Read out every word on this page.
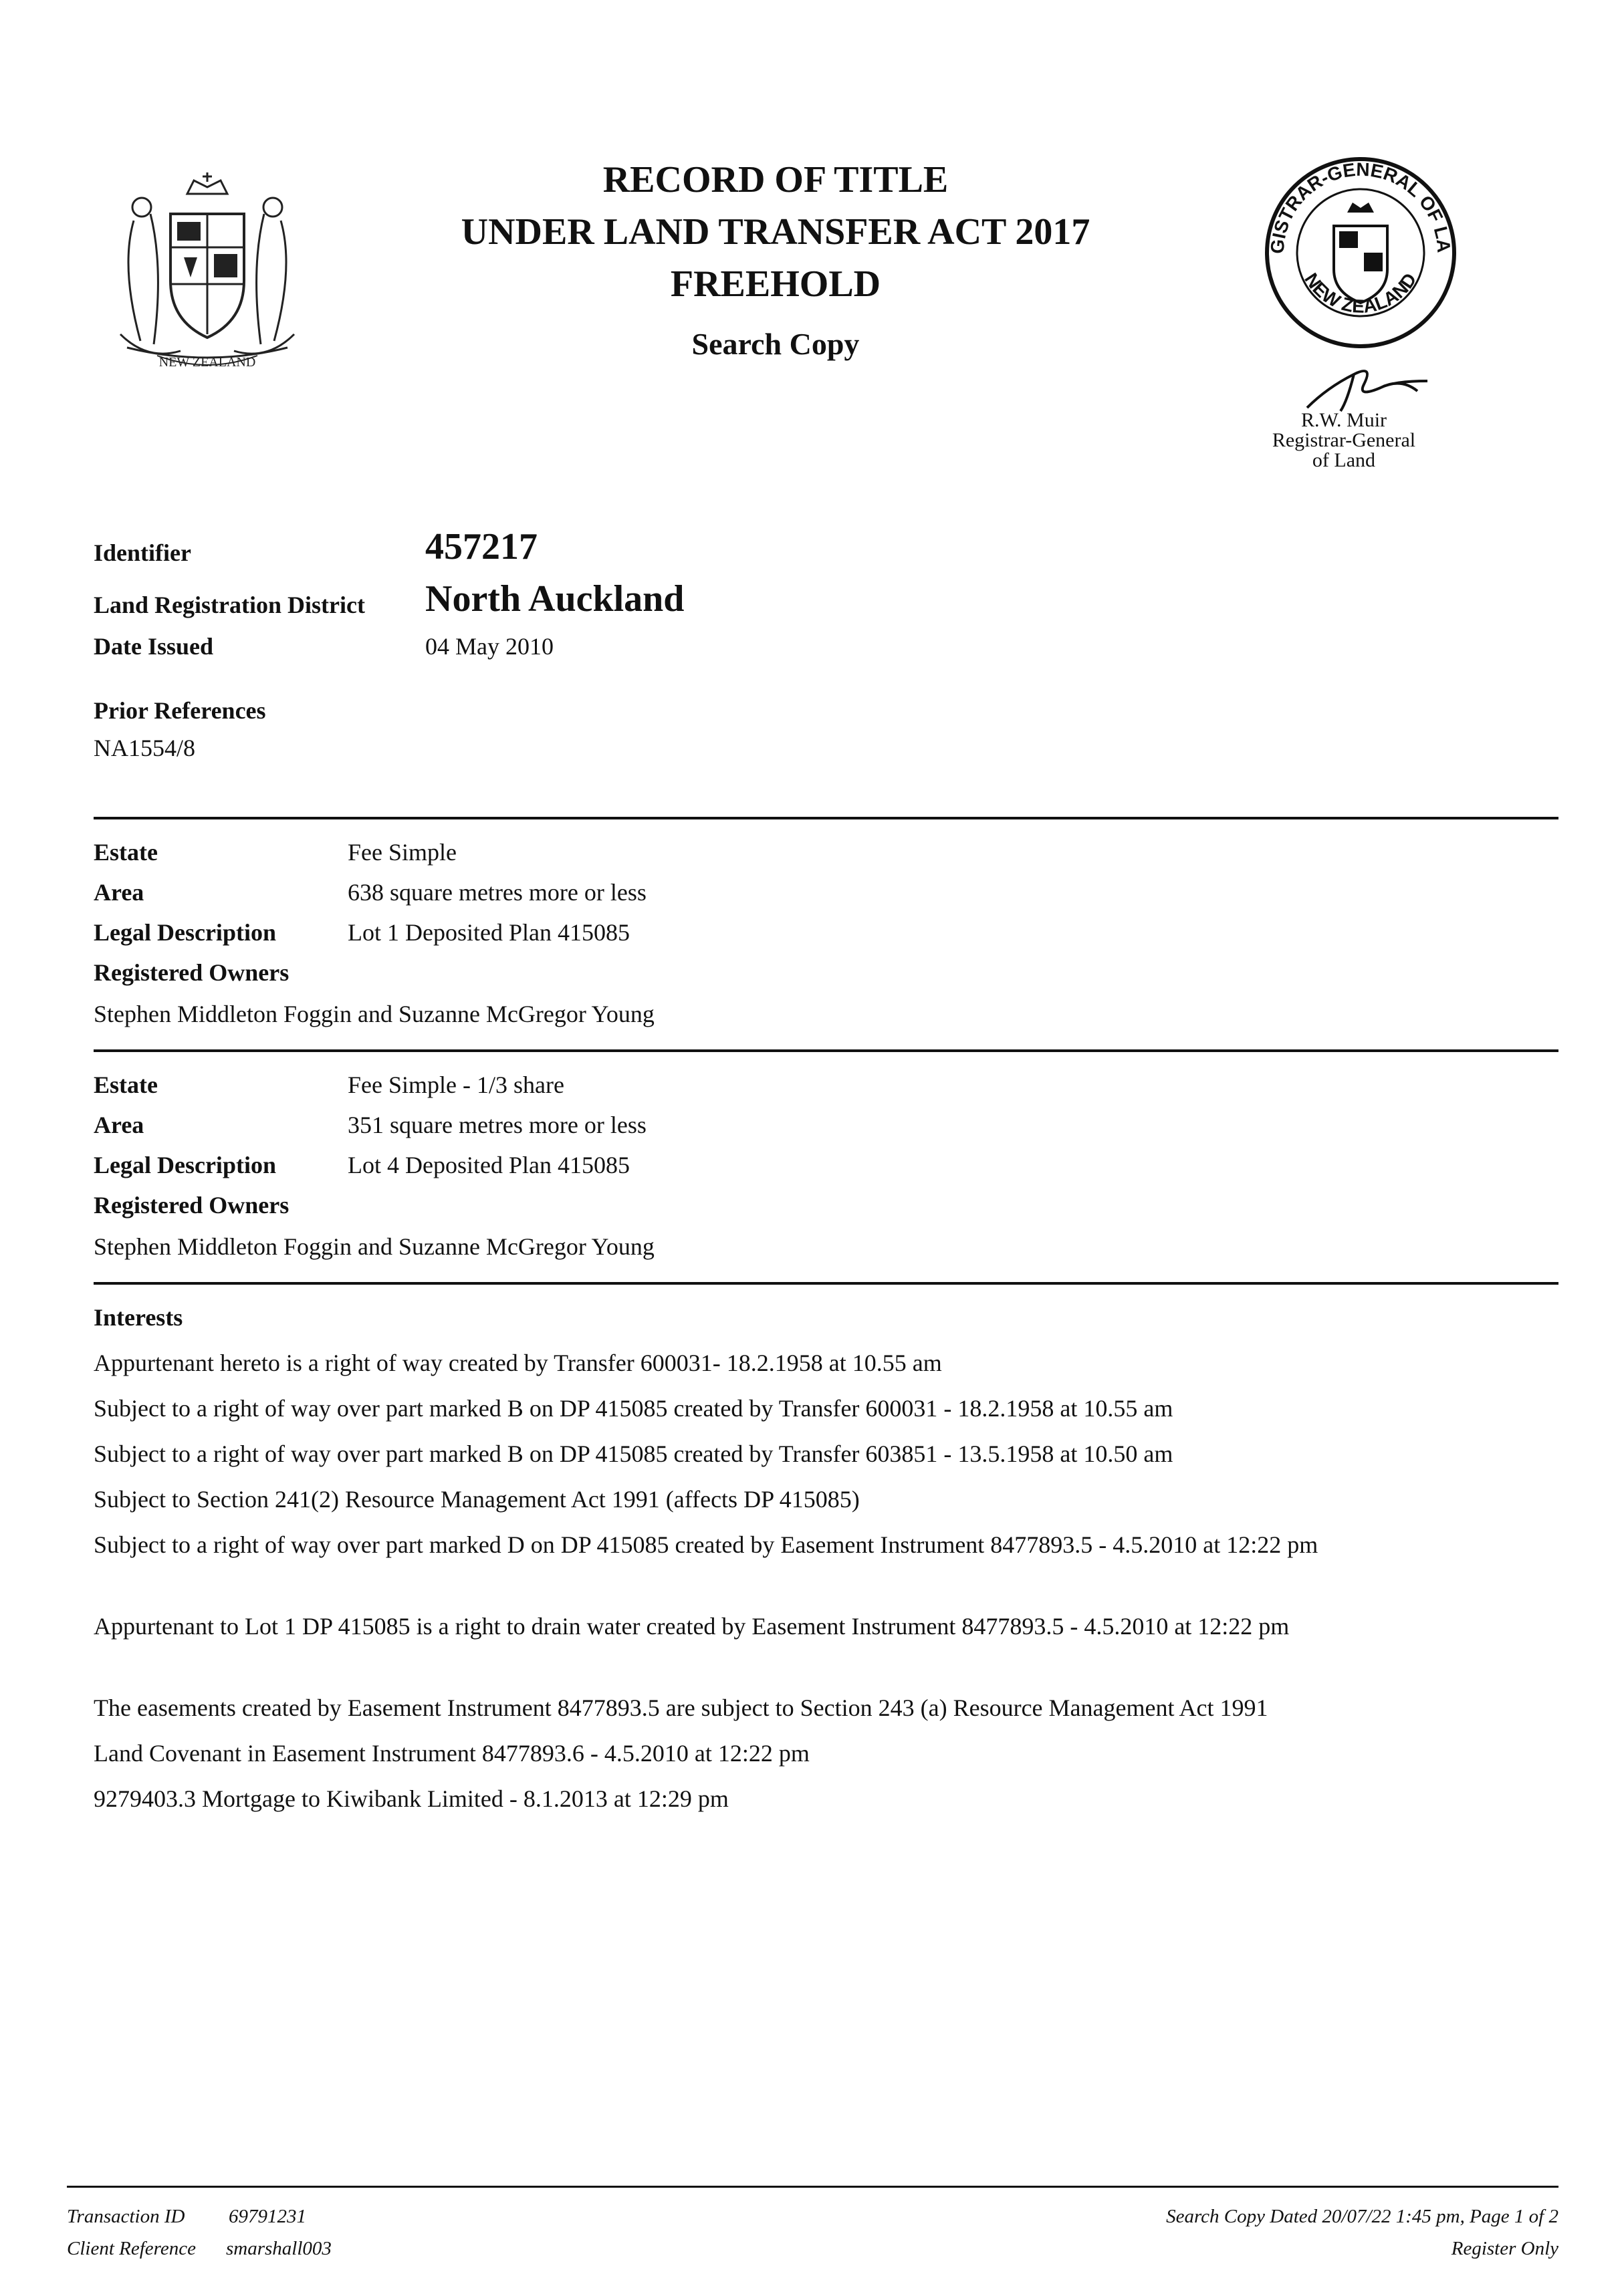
NEW ZEALAND
RECORD OF TITLE
UNDER LAND TRANSFER ACT 2017
FREEHOLD
Search Copy
GISTRAR-GENERAL OF LA
NEW ZEALAND
R.W. Muir
Registrar-General
of Land
Identifier	457217
Land Registration District North Auckland
Date Issued	04 May 2010
Prior References
NA1554/8
Estate	Fee Simple
Area	638 square metres more or less
Legal Description	Lot 1 Deposited Plan 415085
Registered Owners
Stephen Middleton Foggin and Suzanne McGregor Young
Estate	Fee Simple - 1/3 share
Area	351 square metres more or less
Legal Description	Lot 4 Deposited Plan 415085
Registered Owners
Stephen Middleton Foggin and Suzanne McGregor Young
Interests
Appurtenant hereto is a right of way created by Transfer 600031- 18.2.1958 at 10.55 am
Subject to a right of way over part marked B on DP 415085 created by Transfer 600031 - 18.2.1958 at 10.55 am
Subject to a right of way over part marked B on DP 415085 created by Transfer 603851 - 13.5.1958 at 10.50 am
Subject to Section 241(2) Resource Management Act 1991 (affects DP 415085)
Subject to a right of way over part marked D on DP 415085 created by Easement Instrument 8477893.5 - 4.5.2010 at 12:22 pm
Appurtenant to Lot 1 DP 415085 is a right to drain water created by Easement Instrument 8477893.5 - 4.5.2010 at 12:22 pm
The easements created by Easement Instrument 8477893.5 are subject to Section 243 (a) Resource Management Act 1991
Land Covenant in Easement Instrument 8477893.6 - 4.5.2010 at 12:22 pm
9279403.3 Mortgage to Kiwibank Limited - 8.1.2013 at 12:29 pm
Transaction ID 69791231
Client Reference smarshall003
Search Copy Dated 20/07/22 1:45 pm, Page 1 of 2
Register Only
